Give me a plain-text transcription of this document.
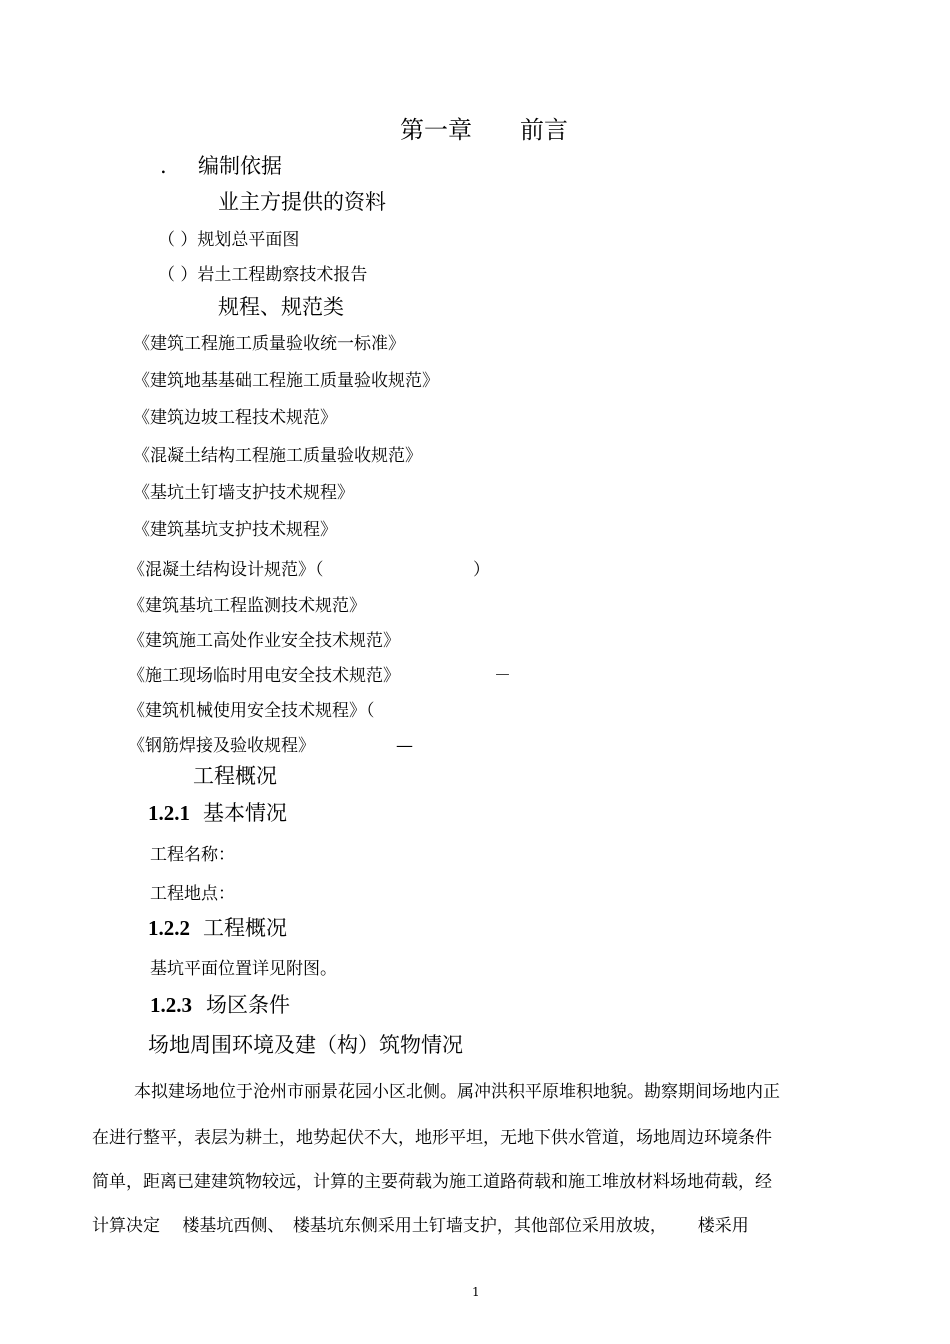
第一章　　前言
. 编制依据
业主方提供的资料
（ ）规划总平面图
（ ）岩土工程勘察技术报告
规程、规范类
《建筑工程施工质量验收统一标准》
《建筑地基基础工程施工质量验收规范》
《建筑边坡工程技术规范》
《混凝土结构工程施工质量验收规范》
《基坑土钉墙支护技术规程》
《建筑基坑支护技术规程》
《混凝土结构设计规范》（	）
《建筑基坑工程监测技术规范》
《建筑施工高处作业安全技术规范》
《施工现场临时用电安全技术规范》	－
《建筑机械使用安全技术规程》（
《钢筋焊接及验收规程》	—
工程概况
1.2.1 基本情况
工程名称：
工程地点：
1.2.2 工程概况
基坑平面位置详见附图。
1.2.3 场区条件
场地周围环境及建（构）筑物情况
本拟建场地位于沧州市丽景花园小区北侧。属冲洪积平原堆积地貌。勘察期间场地内正
在进行整平，表层为耕土，地势起伏不大，地形平坦，无地下供水管道，场地周边环境条件
简单，距离已建建筑物较远，计算的主要荷载为施工道路荷载和施工堆放材料场地荷载，经
计算决定　 楼基坑西侧、　楼基坑东侧采用土钉墙支护，其他部位采用放坡，　　 楼采用
1
